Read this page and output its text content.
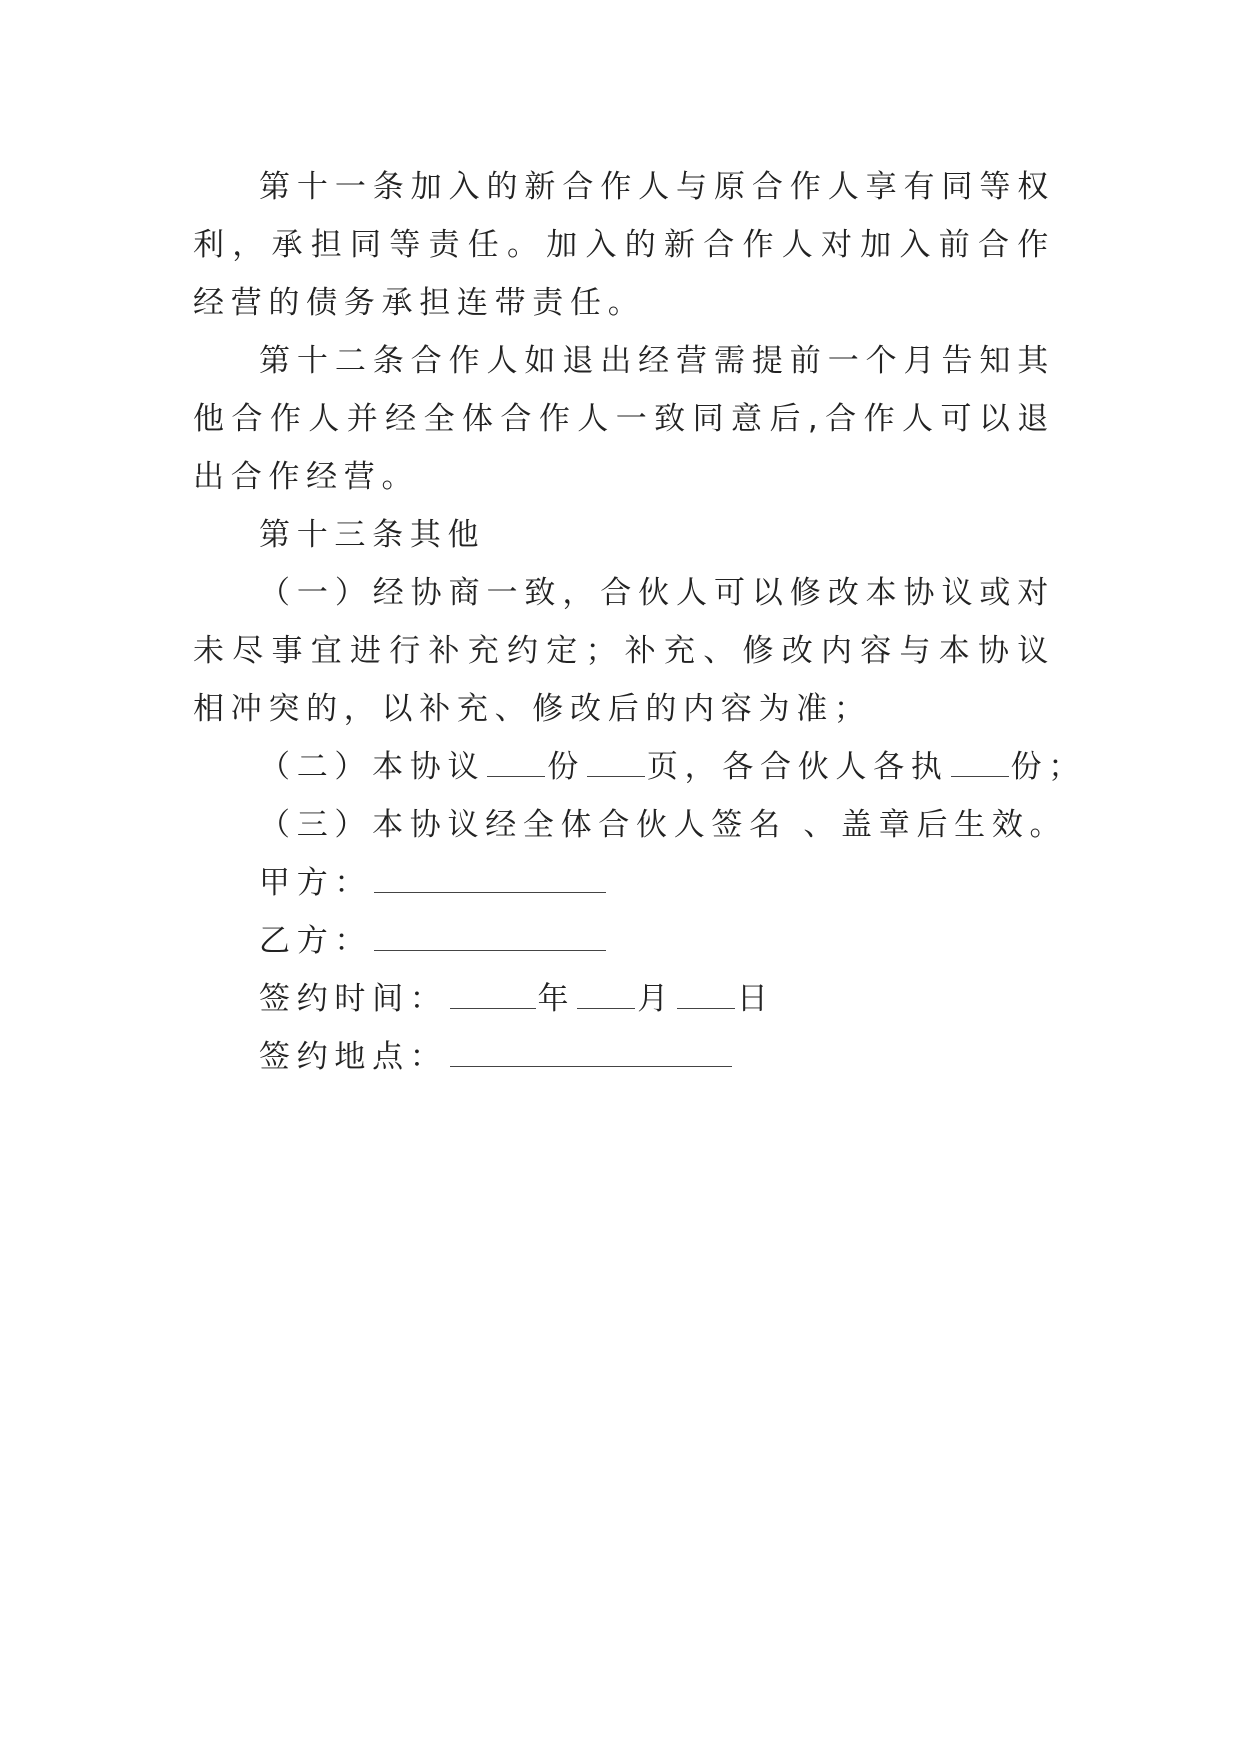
第十一条加入的新合作人与原合作人享有同等权利，承担同等责任。加入的新合作人对加入前合作经营的债务承担连带责任。

第十二条合作人如退出经营需提前一个月告知其他合作人并经全体合作人一致同意后,合作人可以退出合作经营。

第十三条其他

（一）经协商一致，合伙人可以修改本协议或对未尽事宜进行补充约定；补充、修改内容与本协议相冲突的，以补充、修改后的内容为准；

（二）本协议 份 页，各合伙人各执 份；
（三）本协议经全体合伙人签名 、盖章后生效。
甲方：
乙方：
签约时间：	年 月 日
签约地点：
